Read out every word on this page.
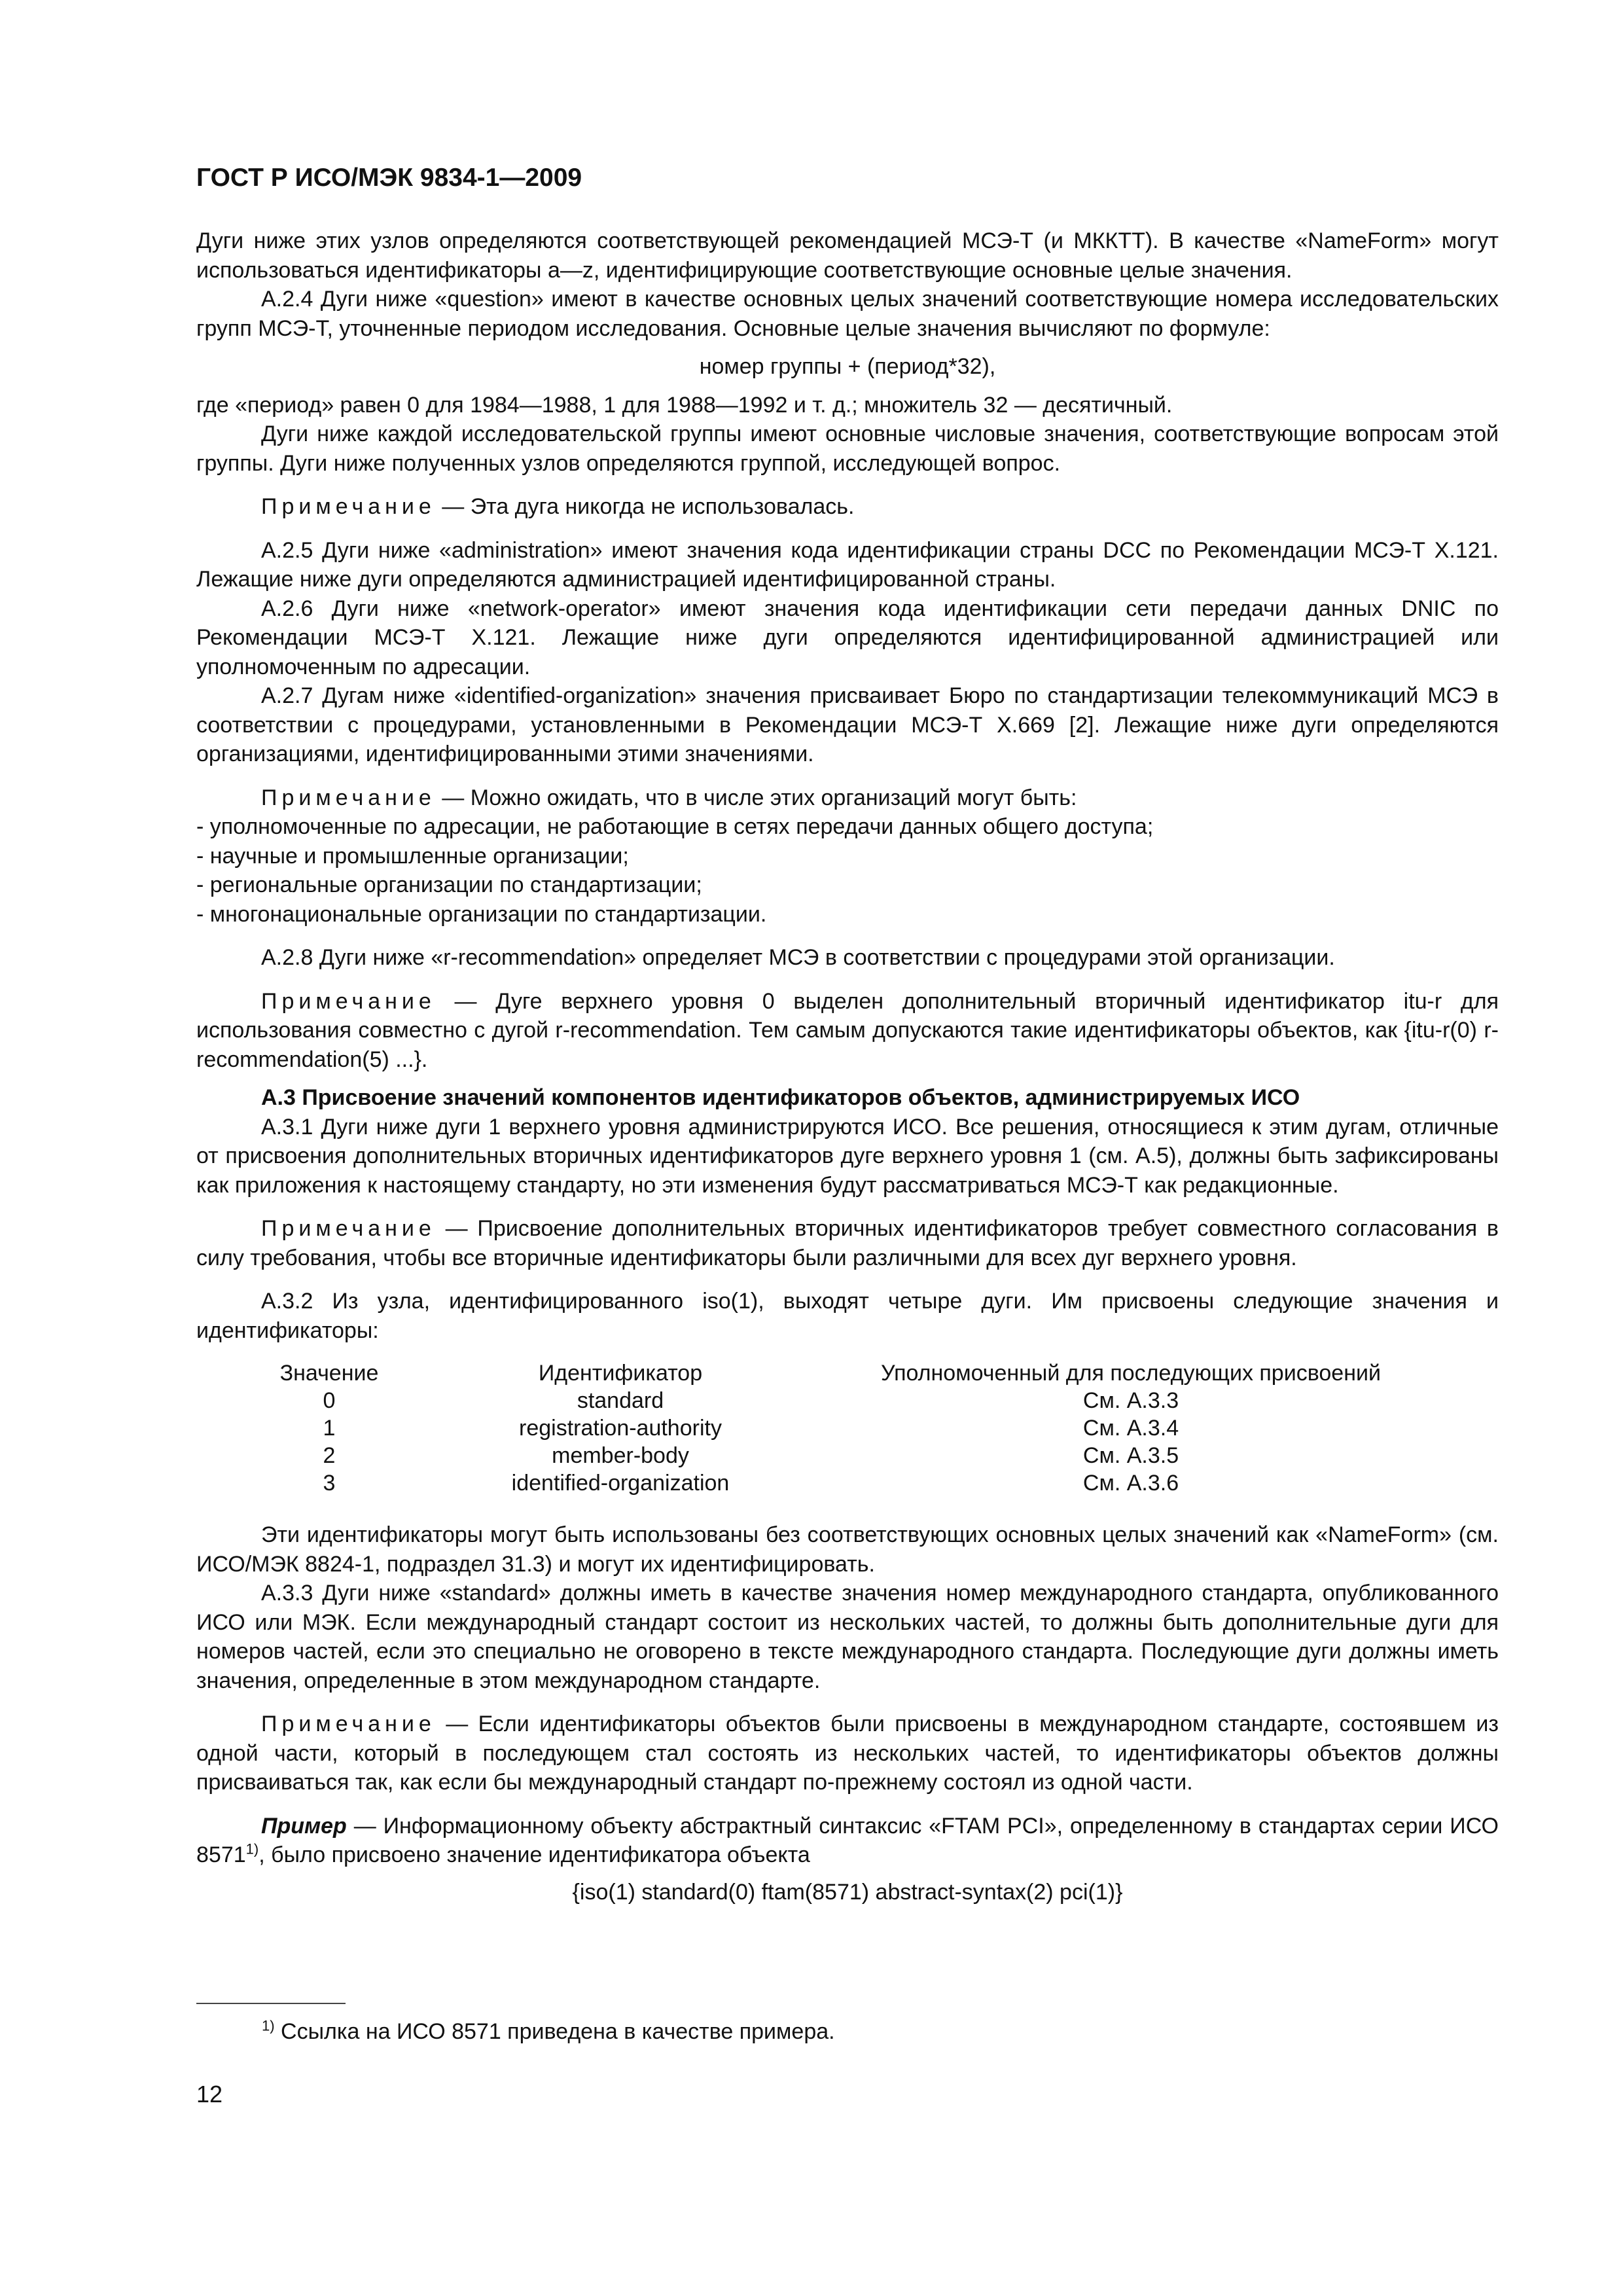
ГОСТ Р ИСО/МЭК 9834-1—2009

Дуги ниже этих узлов определяются соответствующей рекомендацией МСЭ-Т (и МККТТ). В качестве «NameForm» могут использоваться идентификаторы a—z, идентифицирующие соответствующие основные целые значения.

A.2.4 Дуги ниже «question» имеют в качестве основных целых значений соответствующие номера исследовательских групп МСЭ-Т, уточненные периодом исследования. Основные целые значения вычисляют по формуле:

номер группы + (период*32),

где «период» равен 0 для 1984—1988, 1 для 1988—1992 и т. д.; множитель 32 — десятичный.

Дуги ниже каждой исследовательской группы имеют основные числовые значения, соответствующие вопросам этой группы. Дуги ниже полученных узлов определяются группой, исследующей вопрос.

Примечание — Эта дуга никогда не использовалась.

A.2.5 Дуги ниже «administration» имеют значения кода идентификации страны DCC по Рекомендации МСЭ-Т X.121. Лежащие ниже дуги определяются администрацией идентифицированной страны.

A.2.6 Дуги ниже «network-operator» имеют значения кода идентификации сети передачи данных DNIC по Рекомендации МСЭ-Т X.121. Лежащие ниже дуги определяются идентифицированной администрацией или уполномоченным по адресации.

A.2.7 Дугам ниже «identified-organization» значения присваивает Бюро по стандартизации телекоммуникаций МСЭ в соответствии с процедурами, установленными в Рекомендации МСЭ-Т X.669 [2]. Лежащие ниже дуги определяются организациями, идентифицированными этими значениями.

Примечание — Можно ожидать, что в числе этих организаций могут быть:

- уполномоченные по адресации, не работающие в сетях передачи данных общего доступа;

- научные и промышленные организации;

- региональные организации по стандартизации;

- многонациональные организации по стандартизации.

A.2.8 Дуги ниже «r-recommendation» определяет МСЭ в соответствии с процедурами этой организации.

Примечание — Дуге верхнего уровня 0 выделен дополнительный вторичный идентификатор itu-r для использования совместно с дугой r-recommendation. Тем самым допускаются такие идентификаторы объектов, как {itu-r(0) r-recommendation(5) ...}.

A.3 Присвоение значений компонентов идентификаторов объектов, администрируемых ИСО

A.3.1 Дуги ниже дуги 1 верхнего уровня администрируются ИСО. Все решения, относящиеся к этим дугам, отличные от присвоения дополнительных вторичных идентификаторов дуге верхнего уровня 1 (см. A.5), должны быть зафиксированы как приложения к настоящему стандарту, но эти изменения будут рассматриваться МСЭ-Т как редакционные.

Примечание — Присвоение дополнительных вторичных идентификаторов требует совместного согласования в силу требования, чтобы все вторичные идентификаторы были различными для всех дуг верхнего уровня.

A.3.2 Из узла, идентифицированного iso(1), выходят четыре дуги. Им присвоены следующие значения и идентификаторы:

Значение	Идентификатор	Уполномоченный для последующих присвоений
0	standard	См. A.3.3
1	registration-authority	См. A.3.4
2	member-body	См. A.3.5
3	identified-organization	См. A.3.6

Эти идентификаторы могут быть использованы без соответствующих основных целых значений как «NameForm» (см. ИСО/МЭК 8824-1, подраздел 31.3) и могут их идентифицировать.

A.3.3 Дуги ниже «standard» должны иметь в качестве значения номер международного стандарта, опубликованного ИСО или МЭК. Если международный стандарт состоит из нескольких частей, то должны быть дополнительные дуги для номеров частей, если это специально не оговорено в тексте международного стандарта. Последующие дуги должны иметь значения, определенные в этом международном стандарте.

Примечание — Если идентификаторы объектов были присвоены в международном стандарте, состоявшем из одной части, который в последующем стал состоять из нескольких частей, то идентификаторы объектов должны присваиваться так, как если бы международный стандарт по-прежнему состоял из одной части.

Пример — Информационному объекту абстрактный синтаксис «FTAM PCI», определенному в стандартах серии ИСО 8571$^{1)}$, было присвоено значение идентификатора объекта

{iso(1) standard(0) ftam(8571) abstract-syntax(2) pci(1)}

$^{1)}$ Ссылка на ИСО 8571 приведена в качестве примера.
12
